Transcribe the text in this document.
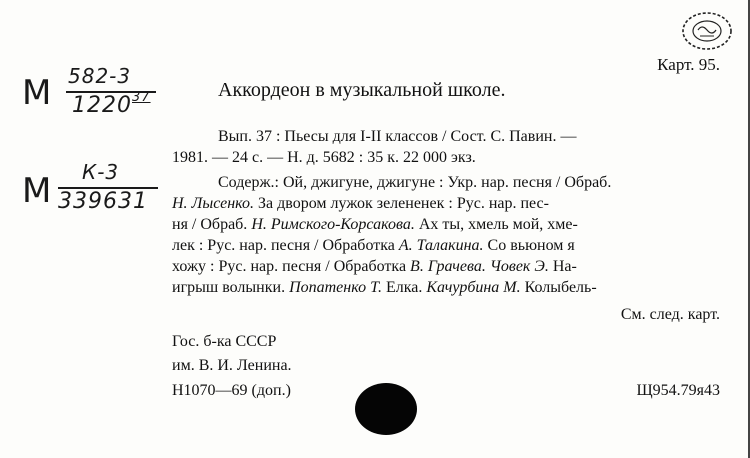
М 582-3
1220 37
М К-3
339631
Карт. 95.
Аккордеон в музыкальной школе.
Вып. 37 : Пьесы для I-II классов / Сост. С. Павин. —
1981. — 24 с. — Н. д. 5682 : 35 к. 22 000 экз.
Содерж.: Ой, джигуне, джигуне : Укр. нар. песня / Обраб.
Н. Лысенко. За двором лужок зелененек : Рус. нар. пес-
ня / Обраб. Н. Римского-Корсакова. Ах ты, хмель мой, хме-
лек : Рус. нар. песня / Обработка А. Талакина. Со вьюном я
хожу : Рус. нар. песня / Обработка В. Грачева. Човек Э. На-
игрыш волынки. Попатенко Т. Елка. Качурбина М. Колыбель-
См. след. карт.
Гос. б-ка СССР
им. В. И. Ленина.
Н1070—69 (доп.)	Щ954.79я43
